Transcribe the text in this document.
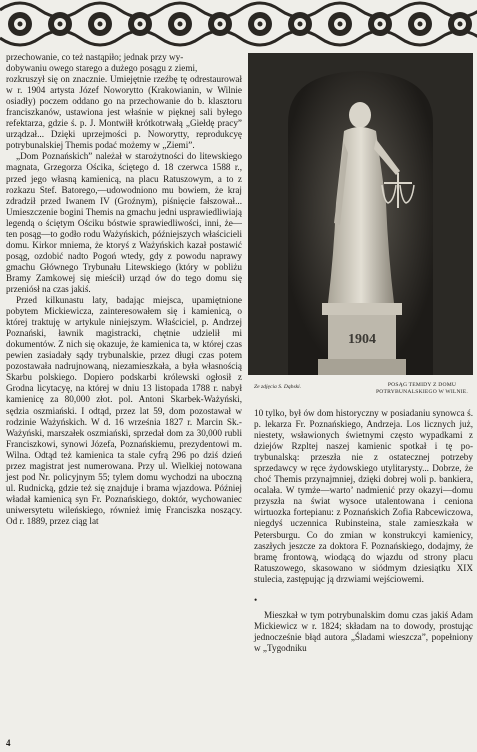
przechowanie, co też nastąpiło; jednak przy wy-

dobywaniu owego starego a dużego posągu z ziemi,

rozkruszył się on znacznie. Umiejętnie rzeźbę tę odrestaurował w r. 1904 artysta Józef Noworytto (Krakowianin, w Wilnie osiadły) poczem oddano go na przechowanie do b. klasztoru franciszkanów, ustawiona jest właśnie w pięknej sali byłego refektarza, gdzie ś. p. J. Montwiłł krótkotrwałą „Giełdę pracy” urządzał... Dzięki uprzejmości p. Noworytty, reprodukcyę potrybunalskiej Themis podać możemy w „Ziemi”.

„Dom Poznańskich” należał w starożytności do litewskiego magnata, Grzegorza Ościka, ściętego d. 18 czerwca 1588 r., przed jego własną kamienicą, na placu Ratuszowym, a to z rozkazu Stef. Batorego,—udowodniono mu bowiem, że kraj zdradził przed Iwanem IV (Groźnym), piśnięcie fałszował... Umieszczenie bogini Themis na gmachu jedni usprawiedliwiają legendą o ściętym Ościku bóstwie sprawiedliwości, inni, że—ten posąg—to godło rodu Ważyńskich, późniejszych właścicieli domu. Kirkor mniema, że ktoryś z Ważyńskich kazał postawić posąg, ozdobić nadto Pogoń wtedy, gdy z powodu naprawy gmachu Głównego Trybunału Litewskiego (który w pobliżu Bramy Zamkowej się mieścił) urząd ów do tego domu się przeniósł na czas jakiś.

Przed kilkunastu laty, badając miejsca, upamiętnione pobytem Mickiewicza, zainteresowałem się i kamienicą, o której traktuję w artykule niniejszym. Właściciel, p. Andrzej Poznański, ławnik magistracki, chętnie udzielił mi dokumentów. Z nich się okazuje, że kamienica ta, w której czas pewien zasiadały sądy trybunalskie, przez długi czas potem pozostawała nadrujnowaną, niezamieszkała, a była własnością Skarbu polskiego. Dopiero podskarbi królewski ogłosił z Grodna licytacyę, na której w dniu 13 listopada 1788 r. nabył kamienicę za 80,000 złot. pol. Antoni Skarbek-Ważyński, sędzia oszmiański. I odtąd, przez lat 59, dom pozostawał w rodzinie Ważyńskich. W d. 16 września 1827 r. Marcin Sk.-Ważyński, marszałek oszmiański, sprzedał dom za 30,000 rubli Franciszkowi, synowi Józefa, Poznańskiemu, prezydentowi m. Wilna. Odtąd też kamienica ta stale cyfrą 296 po dziś dzień przez magistrat jest numerowana. Przy ul. Wielkiej notowana jest pod Nr. policyjnym 55; tylem domu wychodzi na uboczną ul. Rudnicką, gdzie też się znajduje i brama wjazdowa. Później władał kamienicą syn Fr. Poznańskiego, doktór, wychowaniec uniwersytetu wileńskiego, również imię Franciszka noszący. Od r. 1889, przez ciąg lat

1904
Ze zdjęcia S. Dąbski.	POSĄG TEMIDY Z DOMU POTRYBUNALSKIEGO W WILNIE.

10 tylko, był ów dom historyczny w posiadaniu synowca ś. p. lekarza Fr. Poznańskiego, Andrzeja. Los licznych już, niestety, wsławionych świetnymi często wypadkami z dziejów Rzpltej naszej kamienic spotkał i tę po-trybunalską: przeszła nie z ostatecznej potrzeby sprzedawcy w ręce żydowskiego utylitarysty... Dobrze, że choć Themis przynajmniej, dzięki dobrej woli p. bankiera, ocalała. W tymże—warto’ nadmienić przy okazyi—domu przyszła na świat wysoce utalentowana i ceniona wirtuozka fortepianu: z Poznańskich Zofia Rabcewiczowa, niegdyś uczennica Rubinsteina, stale zamieszkała w Petersburgu. Co do zmian w konstrukcyi kamienicy, zaszłych jeszcze za doktora F. Poznańskiego, dodajmy, że bramę frontową, wiodącą do wjazdu od strony placu Ratuszowego, skasowano w siódmym dziesiątku XIX stulecia, zastępując ją drzwiami wejściowemi.

•

Mieszkał w tym potrybunalskim domu czas jakiś Adam Mickiewicz w r. 1824; składam na to dowody, prostując jednocześnie błąd autora „Śladami wieszcza”, popełniony w „Tygodniku

4
